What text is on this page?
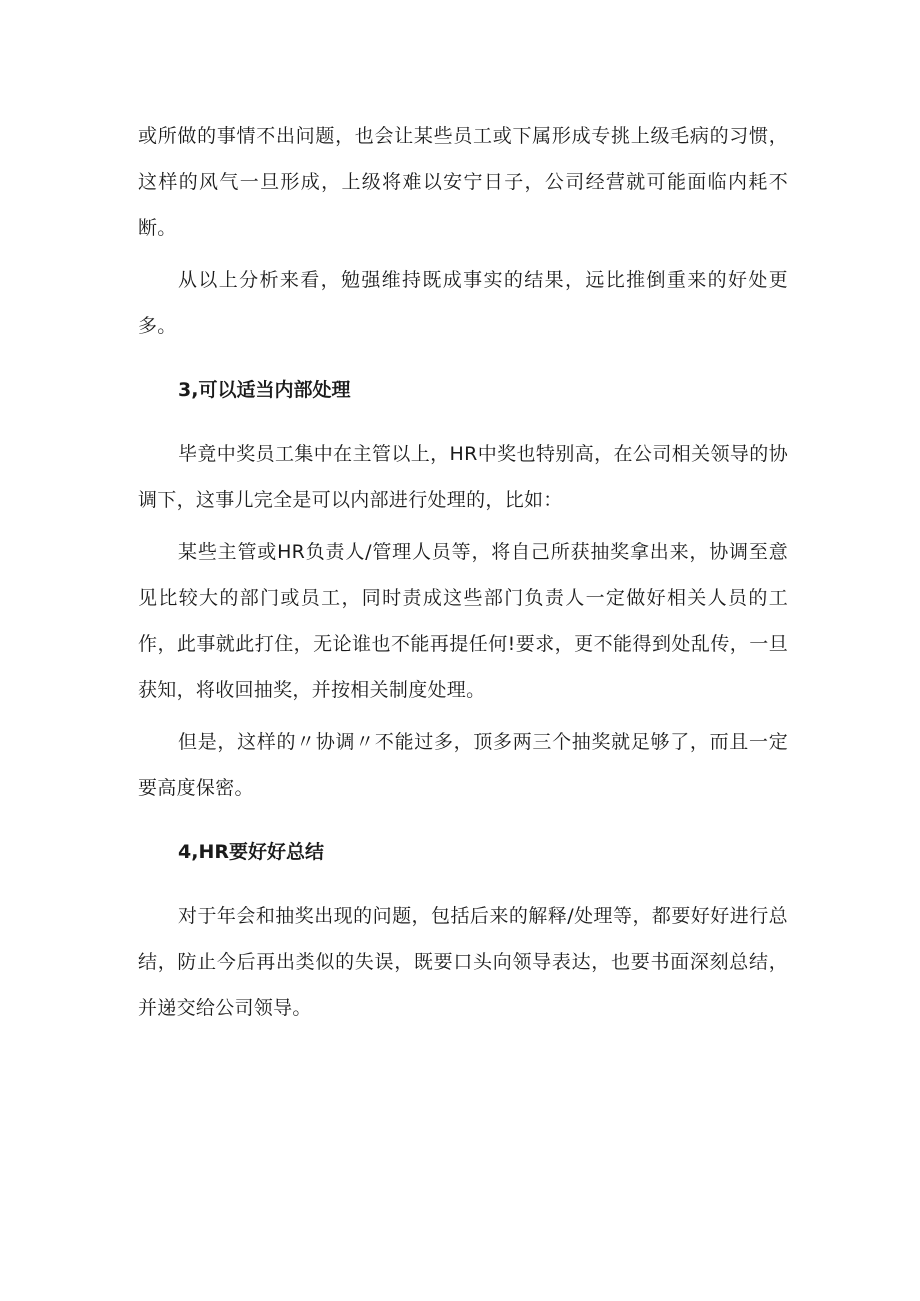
或所做的事情不出问题，也会让某些员工或下属形成专挑上级毛病的习惯，这样的风气一旦形成，上级将难以安宁日子，公司经营就可能面临内耗不断。

从以上分析来看，勉强维持既成事实的结果，远比推倒重来的好处更多。

3,可以适当内部处理

毕竟中奖员工集中在主管以上，HR中奖也特别高，在公司相关领导的协调下，这事儿完全是可以内部进行处理的，比如：

某些主管或HR负责人/管理人员等，将自己所获抽奖拿出来，协调至意见比较大的部门或员工，同时责成这些部门负责人一定做好相关人员的工作，此事就此打住，无论谁也不能再提任何!要求，更不能得到处乱传，一旦获知，将收回抽奖，并按相关制度处理。

但是，这样的〃协调〃不能过多，顶多两三个抽奖就足够了，而且一定要高度保密。

4,HR要好好总结

对于年会和抽奖出现的问题，包括后来的解释/处理等，都要好好进行总结，防止今后再出类似的失误，既要口头向领导表达，也要书面深刻总结，并递交给公司领导。
